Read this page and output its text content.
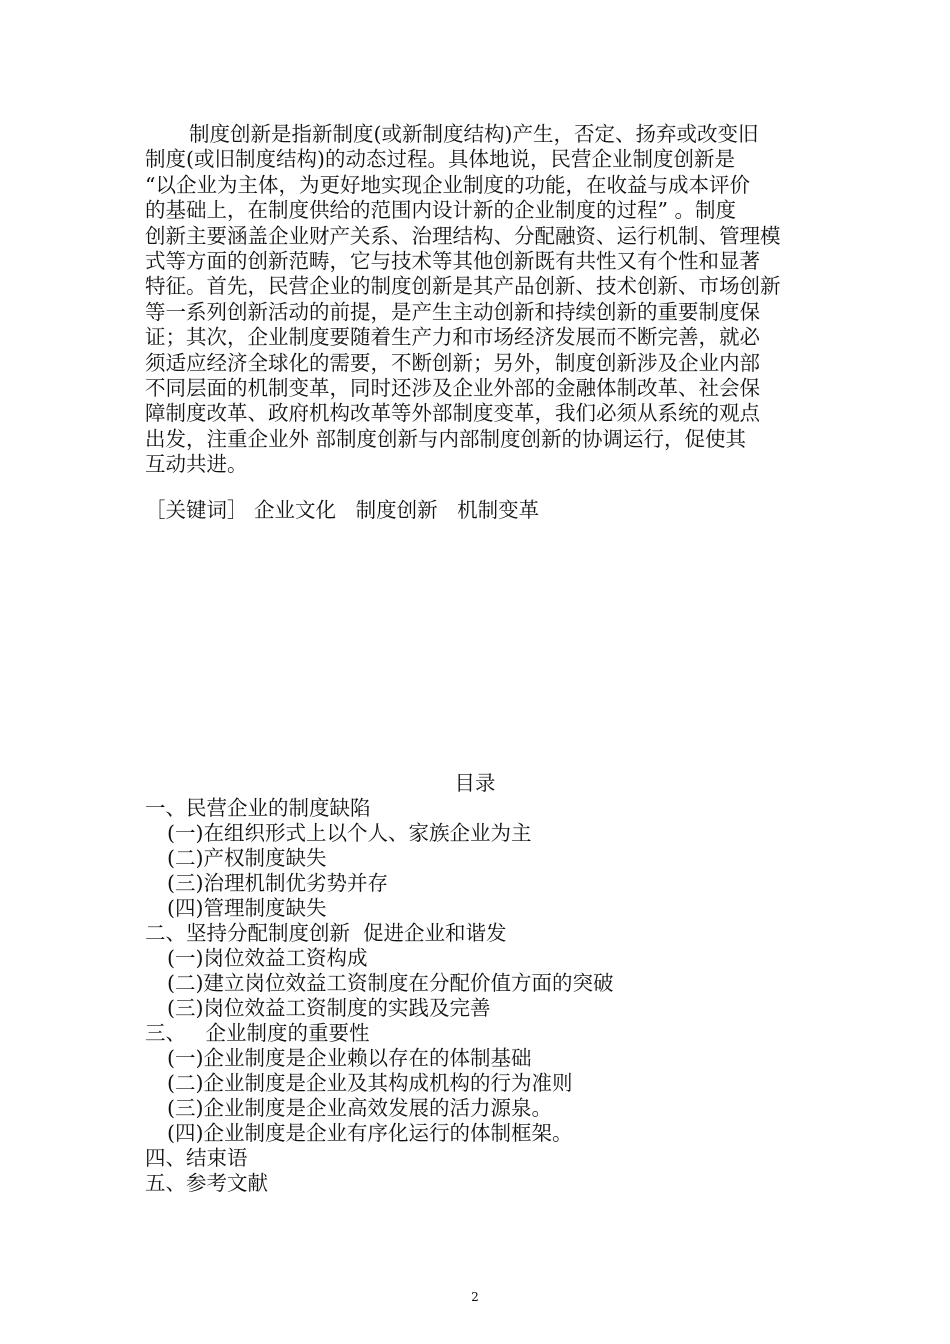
制度创新是指新制度(或新制度结构)产生，否定、扬弃或改变旧
制度(或旧制度结构)的动态过程。具体地说，民营企业制度创新是
“以企业为主体，为更好地实现企业制度的功能，在收益与成本评价
的基础上，在制度供给的范围内设计新的企业制度的过程” 。制度
创新主要涵盖企业财产关系、治理结构、分配融资、运行机制、管理模
式等方面的创新范畴，它与技术等其他创新既有共性又有个性和显著
特征。首先，民营企业的制度创新是其产品创新、技术创新、市场创新
等一系列创新活动的前提，是产生主动创新和持续创新的重要制度保
证；其次，企业制度要随着生产力和市场经济发展而不断完善，就必
须适应经济全球化的需要，不断创新；另外，制度创新涉及企业内部
不同层面的机制变革，同时还涉及企业外部的金融体制改革、社会保
障制度改革、政府机构改革等外部制度变革，我们必须从系统的观点
出发，注重企业外 部制度创新与内部制度创新的协调运行，促使其
互动共进。
［关键词］ 企业文化   制度创新   机制变革
目录
一、民营企业的制度缺陷
(一)在组织形式上以个人、家族企业为主
(二)产权制度缺失
(三)治理机制优劣势并存
(四)管理制度缺失
二、坚持分配制度创新  促进企业和谐发
(一)岗位效益工资构成
(二)建立岗位效益工资制度在分配价值方面的突破
(三)岗位效益工资制度的实践及完善
三、   企业制度的重要性
(一)企业制度是企业赖以存在的体制基础
(二)企业制度是企业及其构成机构的行为准则
(三)企业制度是企业高效发展的活力源泉。
(四)企业制度是企业有序化运行的体制框架。
四、结束语
五、参考文献
2
